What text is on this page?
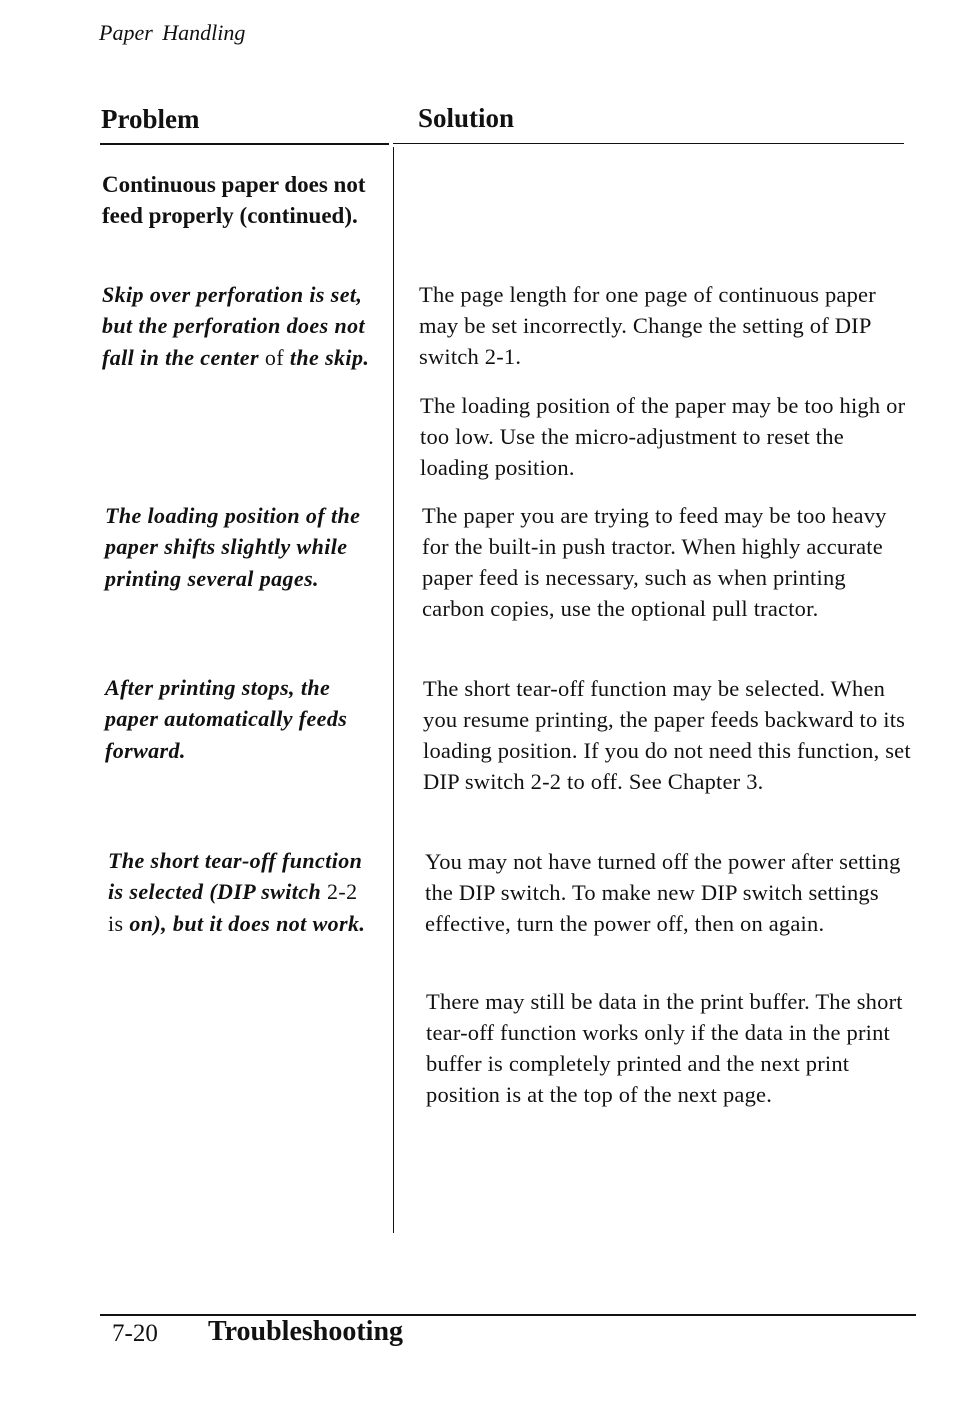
Paper Handling
Problem	Solution
Continuous paper does not feed properly (continued).
Skip over perforation is set, but the perforation does not fall in the center of the skip.
The loading position of the paper shifts slightly while printing several pages.
After printing stops, the paper automatically feeds forward.
The short tear-off function is selected (DIP switch 2-2 is on), but it does not work.
The page length for one page of continuous paper may be set incorrectly. Change the setting of DIP switch 2-1.
The loading position of the paper may be too high or too low. Use the micro-adjustment to reset the loading position.
The paper you are trying to feed may be too heavy for the built-in push tractor. When highly accurate paper feed is necessary, such as when printing carbon copies, use the optional pull tractor.
The short tear-off function may be selected. When you resume printing, the paper feeds backward to its loading position. If you do not need this function, set DIP switch 2-2 to off. See Chapter 3.
You may not have turned off the power after setting the DIP switch. To make new DIP switch settings effective, turn the power off, then on again.
There may still be data in the print buffer. The short tear-off function works only if the data in the print buffer is completely printed and the next print position is at the top of the next page.
7-20 Troubleshooting
